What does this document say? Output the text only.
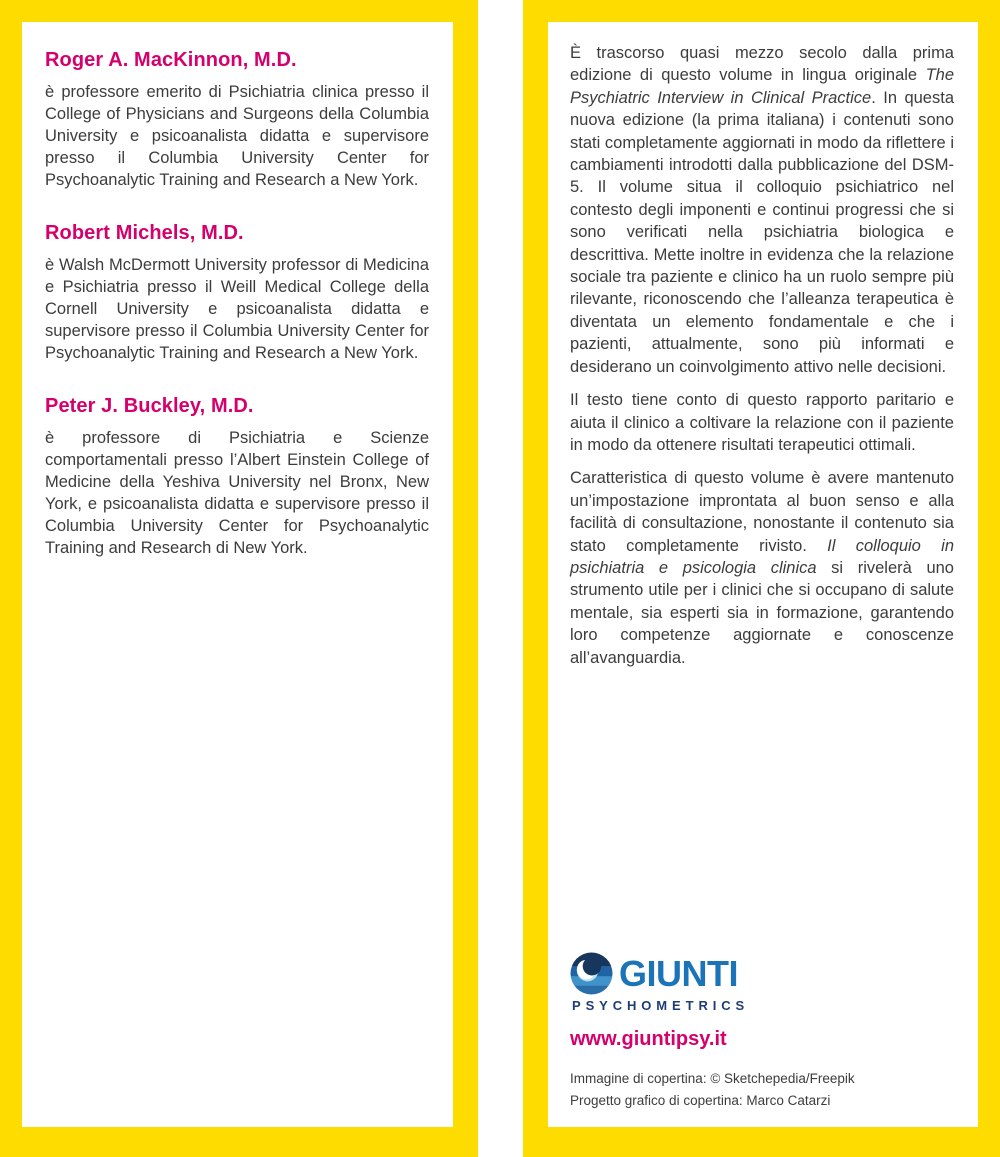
Roger A. MacKinnon, M.D.
è professore emerito di Psichiatria clinica presso il College of Physicians and Surgeons della Columbia University e psicoanalista didatta e supervisore presso il Columbia University Center for Psychoanalytic Training and Research a New York.
Robert Michels, M.D.
è Walsh McDermott University professor di Medicina e Psichiatria presso il Weill Medical College della Cornell University e psicoanalista didatta e supervisore presso il Columbia University Center for Psychoanalytic Training and Research a New York.
Peter J. Buckley, M.D.
è professore di Psichiatria e Scienze comportamentali presso l’Albert Einstein College of Medicine della Yeshiva University nel Bronx, New York, e psicoanalista didatta e supervisore presso il Columbia University Center for Psychoanalytic Training and Research di New York.

È trascorso quasi mezzo secolo dalla prima edizione di questo volume in lingua originale The Psychiatric Interview in Clinical Practice. In questa nuova edizione (la prima italiana) i contenuti sono stati completamente aggiornati in modo da riflettere i cambiamenti introdotti dalla pubblicazione del DSM-5. Il volume situa il colloquio psichiatrico nel contesto degli imponenti e continui progressi che si sono verificati nella psichiatria biologica e descrittiva. Mette inoltre in evidenza che la relazione sociale tra paziente e clinico ha un ruolo sempre più rilevante, riconoscendo che l’alleanza terapeutica è diventata un elemento fondamentale e che i pazienti, attualmente, sono più informati e desiderano un coinvolgimento attivo nelle decisioni.

Il testo tiene conto di questo rapporto paritario e aiuta il clinico a coltivare la relazione con il paziente in modo da ottenere risultati terapeutici ottimali.

Caratteristica di questo volume è avere mantenuto un’impostazione improntata al buon senso e alla facilità di consultazione, nonostante il contenuto sia stato completamente rivisto. Il colloquio in psichiatria e psicologia clinica si rivelerà uno strumento utile per i clinici che si occupano di salute mentale, sia esperti sia in formazione, garantendo loro competenze aggiornate e conoscenze all’avanguardia.

GIUNTI
PSYCHOMETRICS
www.giuntipsy.it
Immagine di copertina: © Sketchepedia/Freepik
Progetto grafico di copertina: Marco Catarzi
